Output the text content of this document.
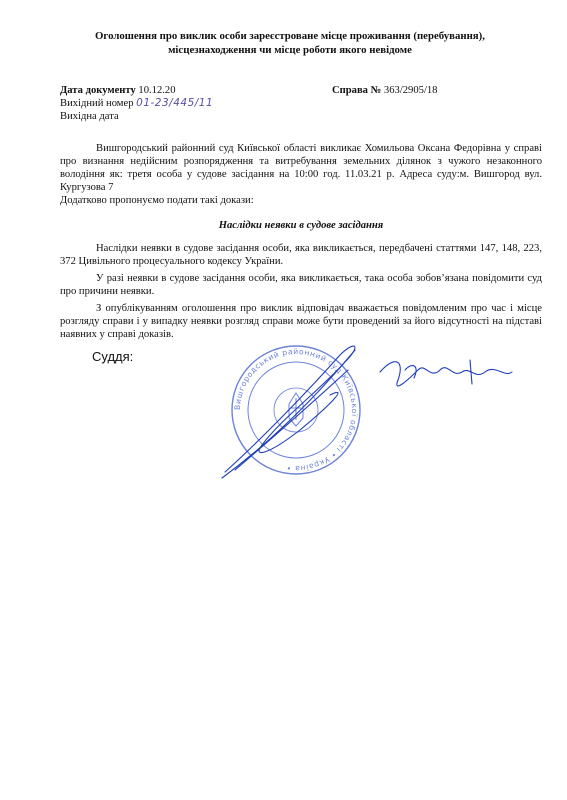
Оголошення про виклик особи зареєстроване місце проживання (перебування),
місцезнаходження чи місце роботи якого невідоме
Дата документу 10.12.20
Вихідний номер 01-23/445/11
Вихідна дата
Справа № 363/2905/18

Вишгородський районний суд Київської області викликає Хомильова Оксана Федорівна у справі про визнання недійсним розпорядження та витребування земельних ділянок з чужого незаконного володіння як: третя особа у судове засідання на 10:00 год. 11.03.21 р. Адреса суду:м. Вишгород вул. Кургузова 7

Додатково пропонуємо подати такі докази:

Наслідки неявки в судове засідання

Наслідки неявки в судове засідання особи, яка викликається, передбачені статтями 147, 148, 223, 372 Цивільного процесуального кодексу України.

У разі неявки в судове засідання особи, яка викликається, така особа зобов’язана повідомити суд про причини неявки.

З опублікуванням оголошення про виклик відповідач вважається повідомленим про час і місце розгляду справи і у випадку неявки розгляд справи може бути проведений за його відсутності на підставі наявних у справі доказів.

Суддя:
Вишгородський районний суд Київської області • Україна •
